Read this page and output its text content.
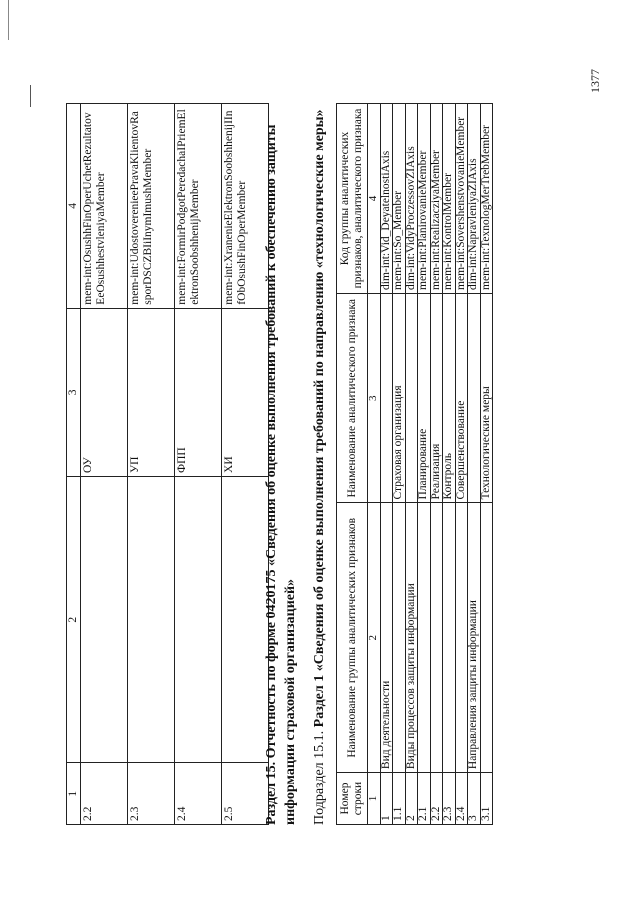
1	2	3	4
2.2		ОУ	mem-int:OsushhFinOperUchetRezultatovEeOsushhestvleniyaMember
2.3		УП	mem-int:UdostoverenieePravaKlientovRasporDSCZBIiInymImushMember
2.4		ФПП	mem-int:FormirPodgotPeredachaIPriemElektronSoobshhenijMember
2.5		ХИ	mem-int:XranenieElektronSoobshhenijIInfObOsushFinOperMember Раздел 15. Отчетность по форме 0420175 «Сведения об оценке выполнения требований к обеспечению защиты информации страховой организацией» Подраздел 15.1. Раздел 1 «Сведения об оценке выполнения требований по направлению «технологические меры»
Номер строки	Наименование группы аналитических признаков	Наименование аналитического признака	Код группы аналитических признаков, аналитического признака
1	2	3	4
1	Вид деятельности		dim-int:Vid_DeyatelnostiAxis
1.1		Страховая организация	mem-int:So_Member
2	Виды процессов защиты информации		dim-int:VidyProczessovZIAxis
2.1		Планирование	mem-int:PlanirovanieMember
2.2		Реализация	mem-int:RealizacziyaMember
2.3		Контроль	mem-int:KontrolMember
2.4		Совершенствование	mem-int:SovershenstvovanieMember
3	Направления защиты информации		dim-int:NapravleniyaZIAxis
3.1		Технологические меры	mem-int:TexnologMerTrebMember
1377
